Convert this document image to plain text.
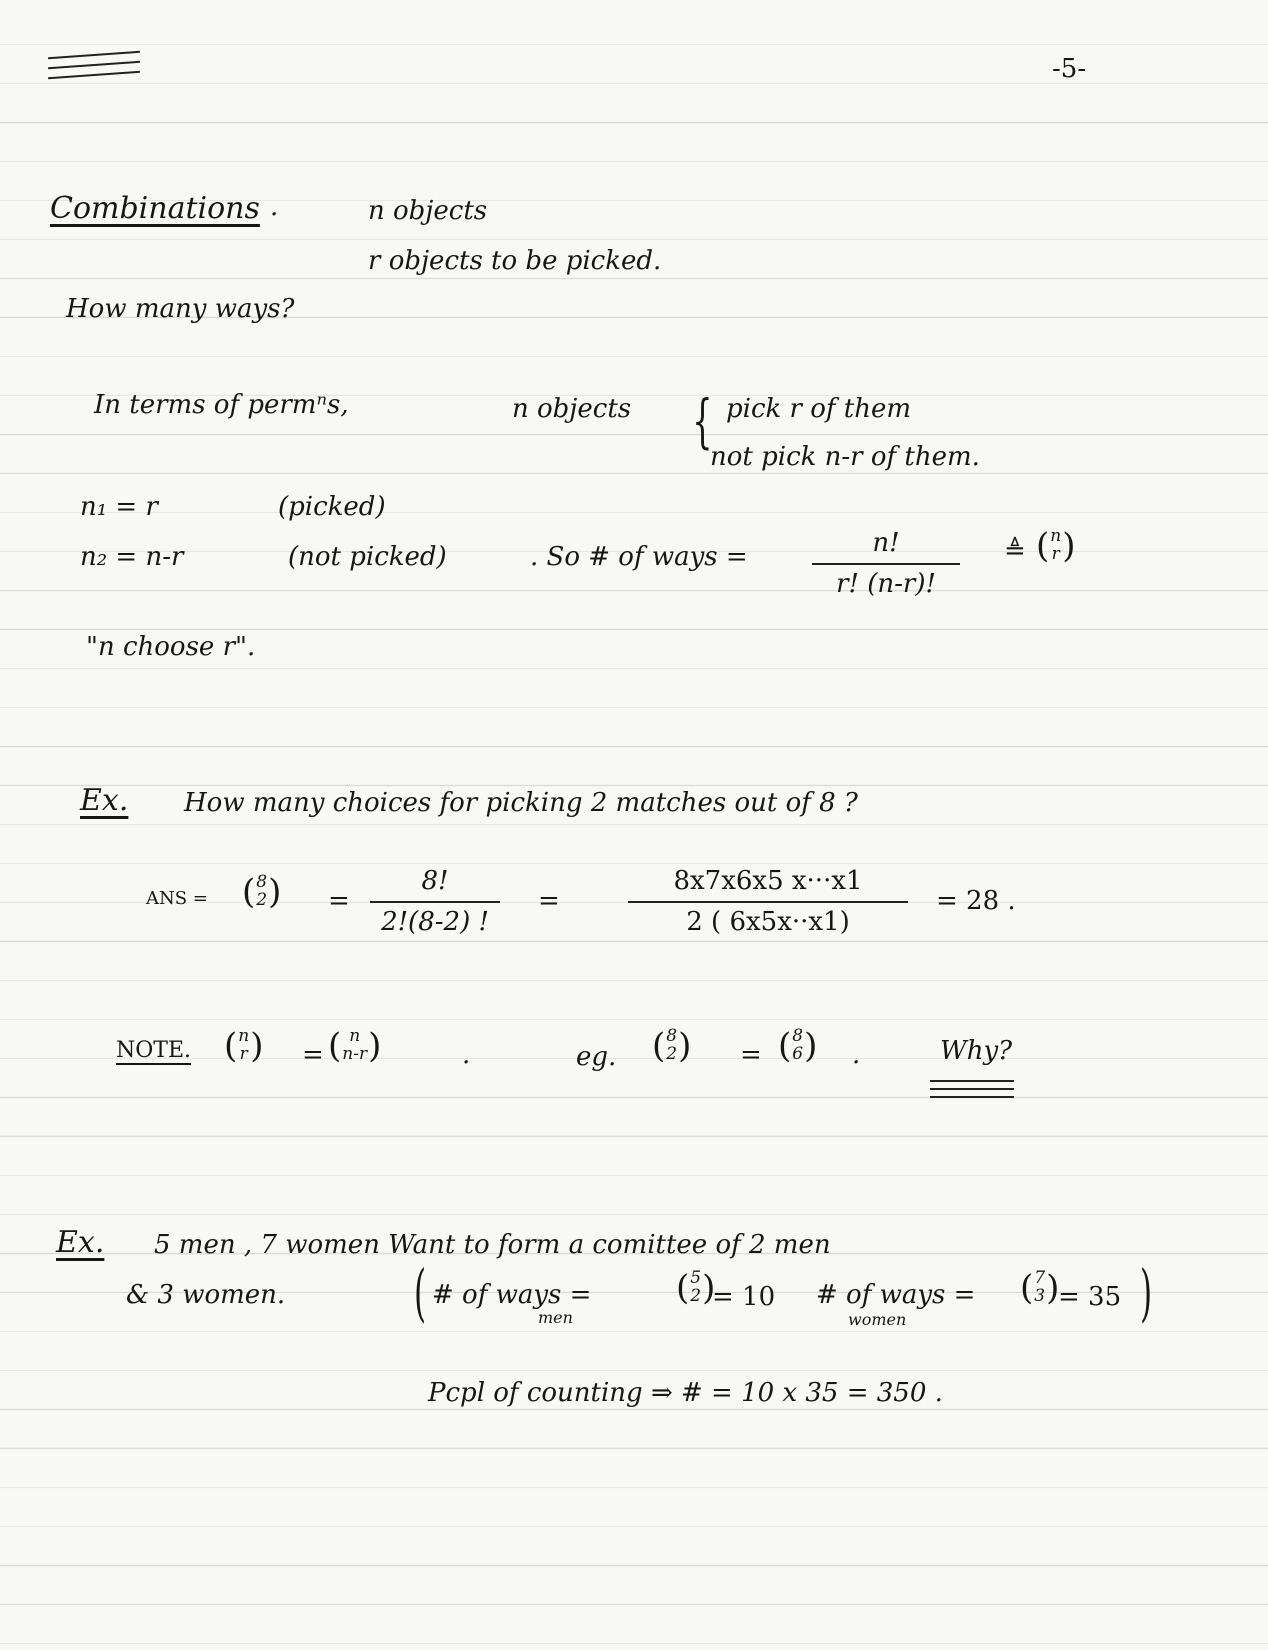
-5-
Combinations .	n objects
r objects to be picked.
How many ways?
In terms of permⁿs,	n objects { pick r of them
not pick n-r of them.
n₁ = r	(picked)
n₂ = n-r	(not picked)	. So # of ways =	n!
r! (n-r)!
≜ ( n
r )
"n choose r".
Ex. How many choices for picking 2 matches out of 8 ?
ANS = ( 8
2 ) =
8!
2!(8-2) !
=
8x7x6x5 x···x1
2 ( 6x5x··x1)
= 28 .
NOTE. ( n
r ) = ( n
n-r )	.	eg. ( 8
2 ) = ( 8
6 ) .	Why?
Ex. 5 men , 7 women Want to form a comittee of 2 men
& 3 women. ( # of ways =
men
( 5
2 )
= 10 # of ways =
women
( 7
3 )
= 35 )
Pcpl of counting ⇒ # = 10 x 35 = 350 .
